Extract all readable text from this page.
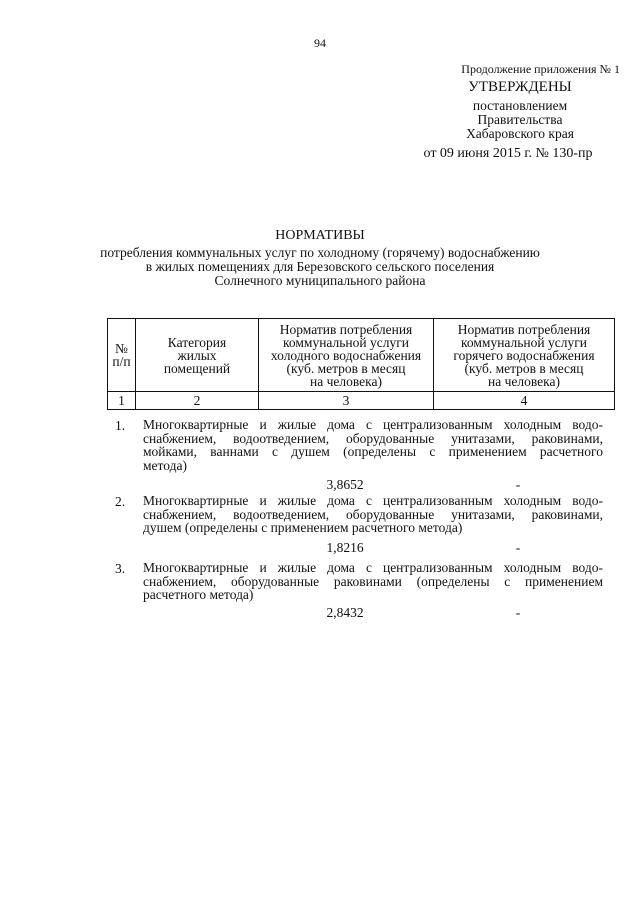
94
Продолжение приложения № 1
УТВЕРЖДЕНЫ
постановлением
Правительства
Хабаровского края
от 09 июня 2015 г. № 130-пр
НОРМАТИВЫ
потребления коммунальных услуг по холодному (горячему) водоснабжению
в жилых помещениях для Березовского сельского поселения
Солнечного муниципального района
№
п/п	Категория
жилых
помещений	Норматив потребления
коммунальной услуги
холодного водоснабжения
(куб. метров в месяц
на человека)	Норматив потребления
коммунальной услуги
горячего водоснабжения
(куб. метров в месяц
на человека)

1	2	3	4
1. Многоквартирные и жилые дома с централизованным холодным водо-
снабжением, водоотведением, оборудованные унитазами, раковинами,
мойками, ваннами с душем (определены с применением расчетного
метода)
3,8652	-
2. Многоквартирные и жилые дома с централизованным холодным водо-
снабжением, водоотведением, оборудованные унитазами, раковинами,
душем (определены с применением расчетного метода)
1,8216	-
3. Многоквартирные и жилые дома с централизованным холодным водо-
снабжением, оборудованные раковинами (определены с применением
расчетного метода)
2,8432	-
